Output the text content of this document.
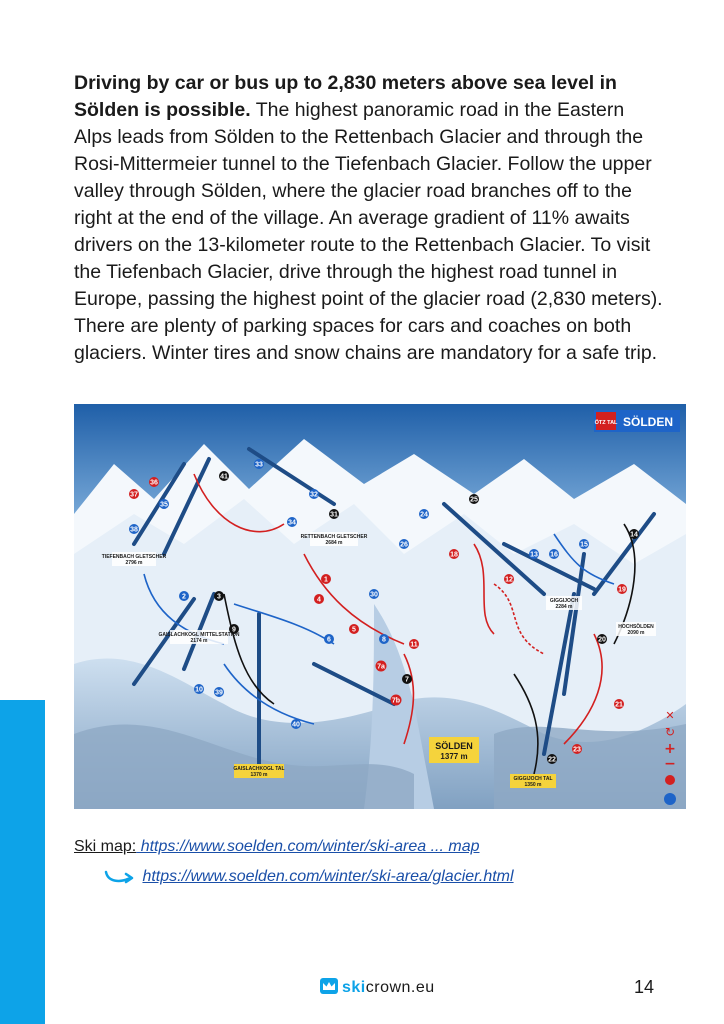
Driving by car or bus up to 2,830 meters above sea level in Sölden is possible. The highest panoramic road in the Eastern Alps leads from Sölden to the Rettenbach Glacier and through the Rosi-Mittermeier tunnel to the Tiefenbach Glacier. Follow the upper valley through Sölden, where the glacier road branches off to the right at the end of the village. An average gradient of 11% awaits drivers on the 13-kilometer route to the Rettenbach Glacier. To visit the Tiefenbach Glacier, drive through the highest road tunnel in Europe, passing the highest point of the glacier road (2,830 meters). There are plenty of parking spaces for cars and coaches on both glaciers. Winter tires and snow chains are mandatory for a safe trip.

37
36
38
35
33
32
31
30
24
25
26
1
2	3	4
5
6
7
8
9
10
11
12
13
14
15
16
18
19
20
21
22
23
34
39
40
41
7a
7b
TIEFENBACH GLETSCHER
2796 m
RETTENBACH GLETSCHER
2684 m
GAISLACHKOGL MITTELSTATION
2174 m
GIGGIJOCH
2284 m
HOCHSÖLDEN
2090 m
GAISLACHKOGL TAL
1370 m
GIGGIJOCH TAL
1350 m
SÖLDEN
1377 m
ÖTZ TAL SÖLDEN
✕
↻
+
−
Ski map: https://www.soelden.com/winter/ski-area ... map
https://www.soelden.com/winter/ski-area/glacier.html
skicrown.eu	14
